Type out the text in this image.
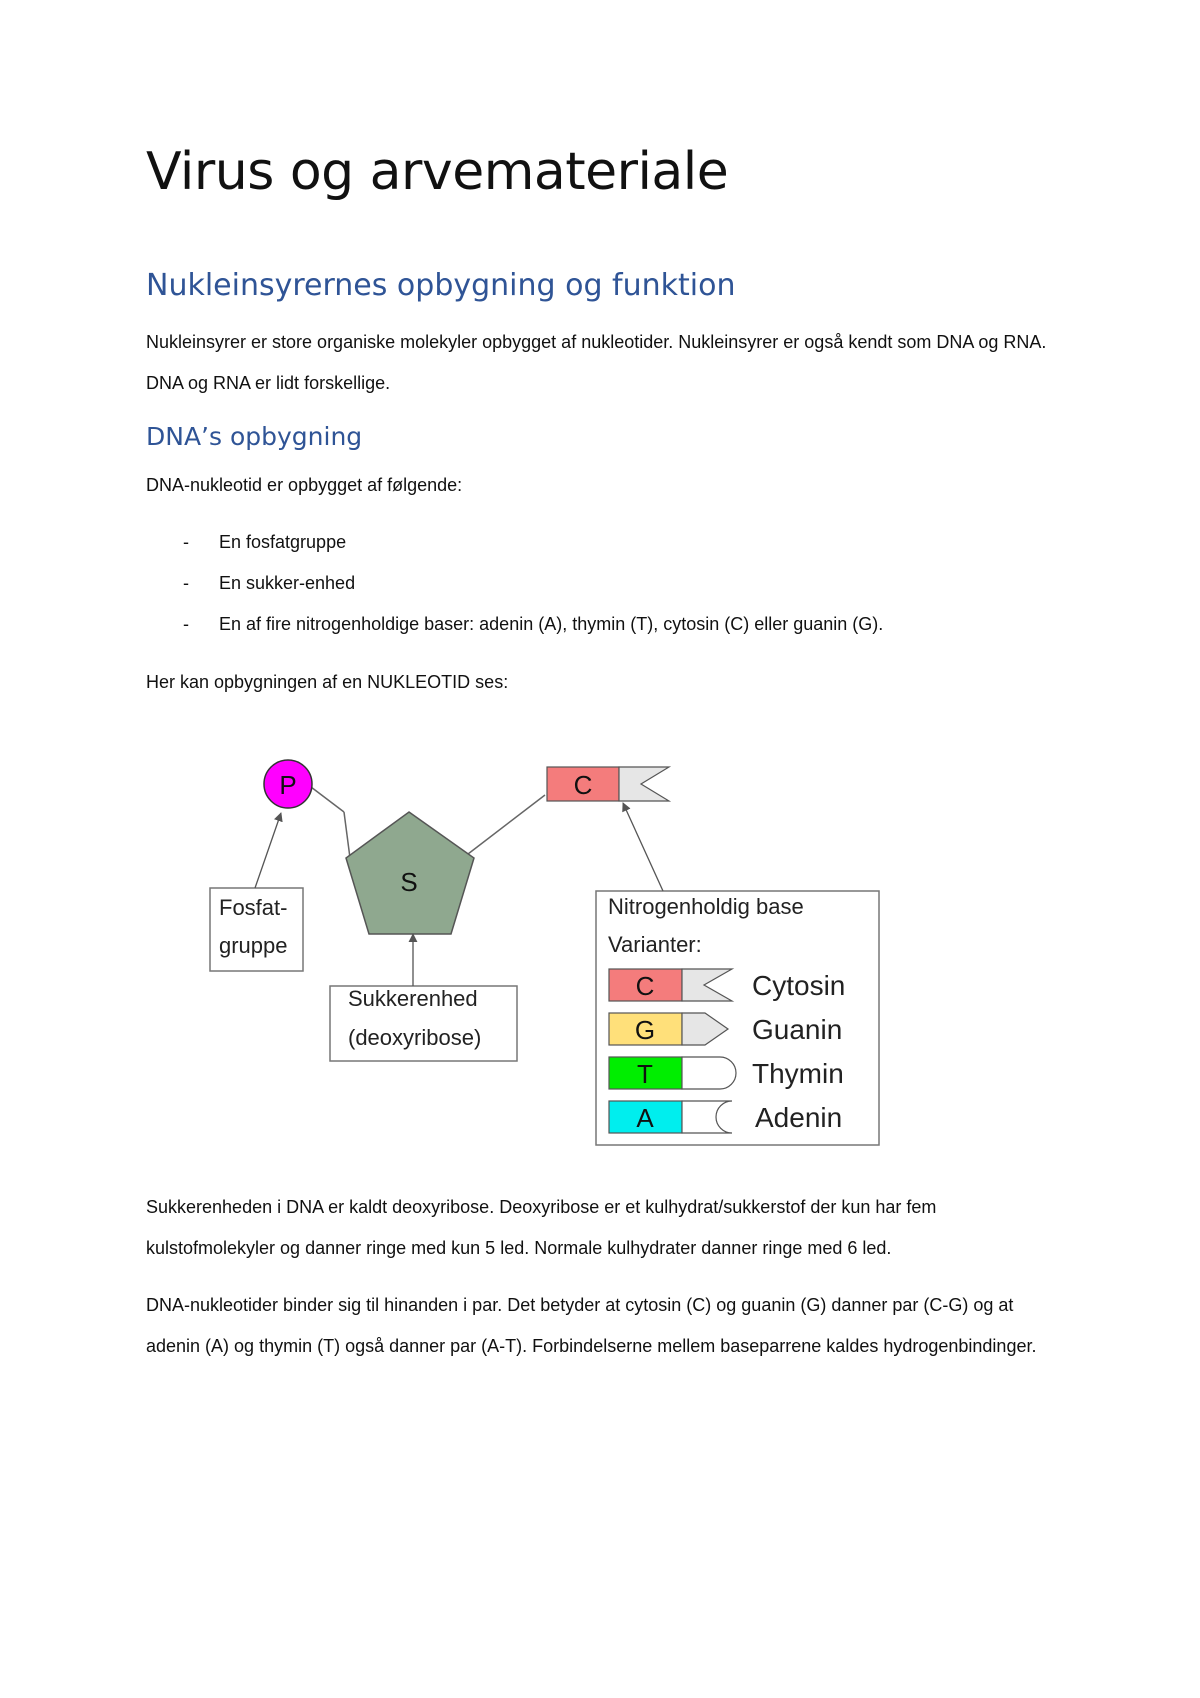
Virus og arvemateriale
Nukleinsyrernes opbygning og funktion

Nukleinsyrer er store organiske molekyler opbygget af nukleotider. Nukleinsyrer er også kendt som DNA og RNA. DNA og RNA er lidt forskellige.

DNA’s opbygning

DNA-nukleotid er opbygget af følgende:

- En fosfatgruppe
- En sukker-enhed
- En af fire nitrogenholdige baser: adenin (A), thymin (T), cytosin (C) eller guanin (G).

Her kan opbygningen af en NUKLEOTID ses:

P
S
C
Fosfat-
gruppe
Sukkerenhed
(deoxyribose)
Nitrogenholdig base
Varianter:
C	Cytosin
G	Guanin
T	Thymin
A	Adenin

Sukkerenheden i DNA er kaldt deoxyribose. Deoxyribose er et kulhydrat/sukkerstof der kun har fem kulstofmolekyler og danner ringe med kun 5 led. Normale kulhydrater danner ringe med 6 led.

DNA-nukleotider binder sig til hinanden i par. Det betyder at cytosin (C) og guanin (G) danner par (C-G) og at adenin (A) og thymin (T) også danner par (A-T). Forbindelserne mellem baseparrene kaldes hydrogenbindinger.
